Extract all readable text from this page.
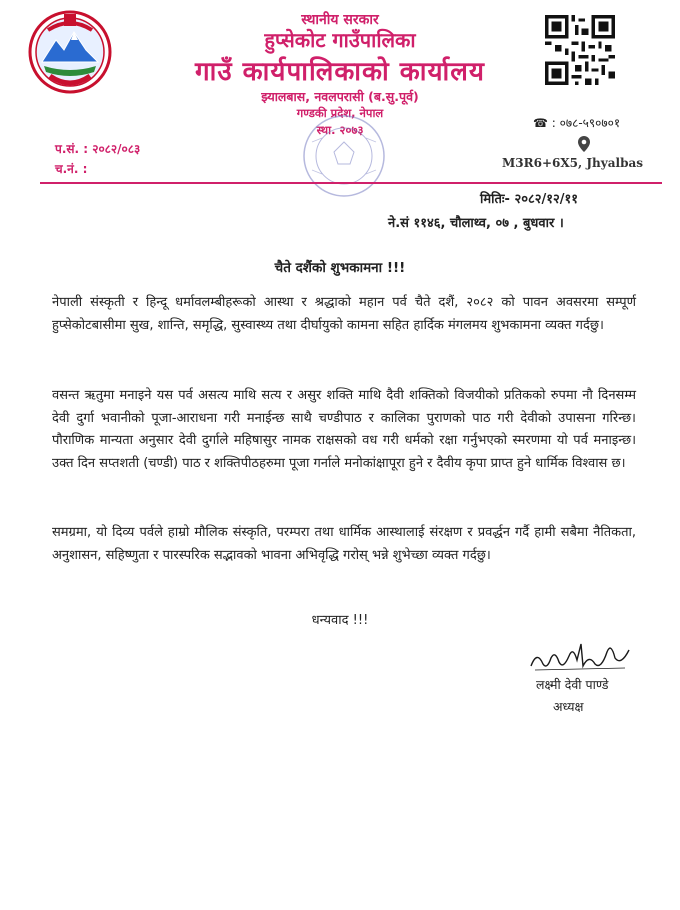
स्थानीय सरकार
हुप्सेकोट गाउँपालिका
गाउँ कार्यपालिकाको कार्यालय
झ्यालबास, नवलपरासी (ब.सु.पूर्व)
गण्डकी प्रदेश, नेपाल
स्था. २०७३	☎ : ०७८-५९०७०१
M3R6+6X5, Jhyalbas
प.सं. : २०८२/०८३
च.नं. :
मितिः- २०८२/१२/११
ने.सं ११४६, चौलाथ्व, ०७ , बुधवार ।
चैते दशैंको शुभकामना !!!
नेपाली संस्कृती र हिन्दू धर्मावलम्बीहरूको आस्था र श्रद्धाको महान पर्व चैते दशैं, २०८२ को पावन अवसरमा सम्पूर्ण हुप्सेकोटबासीमा सुख, शान्ति, समृद्धि, सुस्वास्थ्य तथा दीर्घायुको कामना सहित हार्दिक मंगलमय शुभकामना व्यक्त गर्दछु।
वसन्त ऋतुमा मनाइने यस पर्व असत्य माथि सत्य र असुर शक्ति माथि दैवी शक्तिको विजयीको प्रतिकको रुपमा नौ दिनसम्म देवी दुर्गा भवानीको पूजा-आराधना गरी मनाईन्छ साथै चण्डीपाठ र कालिका पुराणको पाठ गरी देवीको उपासना गरिन्छ। पौराणिक मान्यता अनुसार देवी दुर्गाले महिषासुर नामक राक्षसको वध गरी धर्मको रक्षा गर्नुभएको स्मरणमा यो पर्व मनाइन्छ। उक्त दिन सप्तशती (चण्डी) पाठ र शक्तिपीठहरुमा पूजा गर्नाले मनोकांक्षापूरा हुने र दैवीय कृपा प्राप्त हुने धार्मिक विश्वास छ।
समग्रमा, यो दिव्य पर्वले हाम्रो मौलिक संस्कृति, परम्परा तथा धार्मिक आस्थालाई संरक्षण र प्रवर्द्धन गर्दै हामी सबैमा नैतिकता, अनुशासन, सहिष्णुता र पारस्परिक सद्भावको भावना अभिवृद्धि गरोस् भन्ने शुभेच्छा व्यक्त गर्दछु।
धन्यवाद !!!
लक्ष्मी देवी पाण्डे
अध्यक्ष
